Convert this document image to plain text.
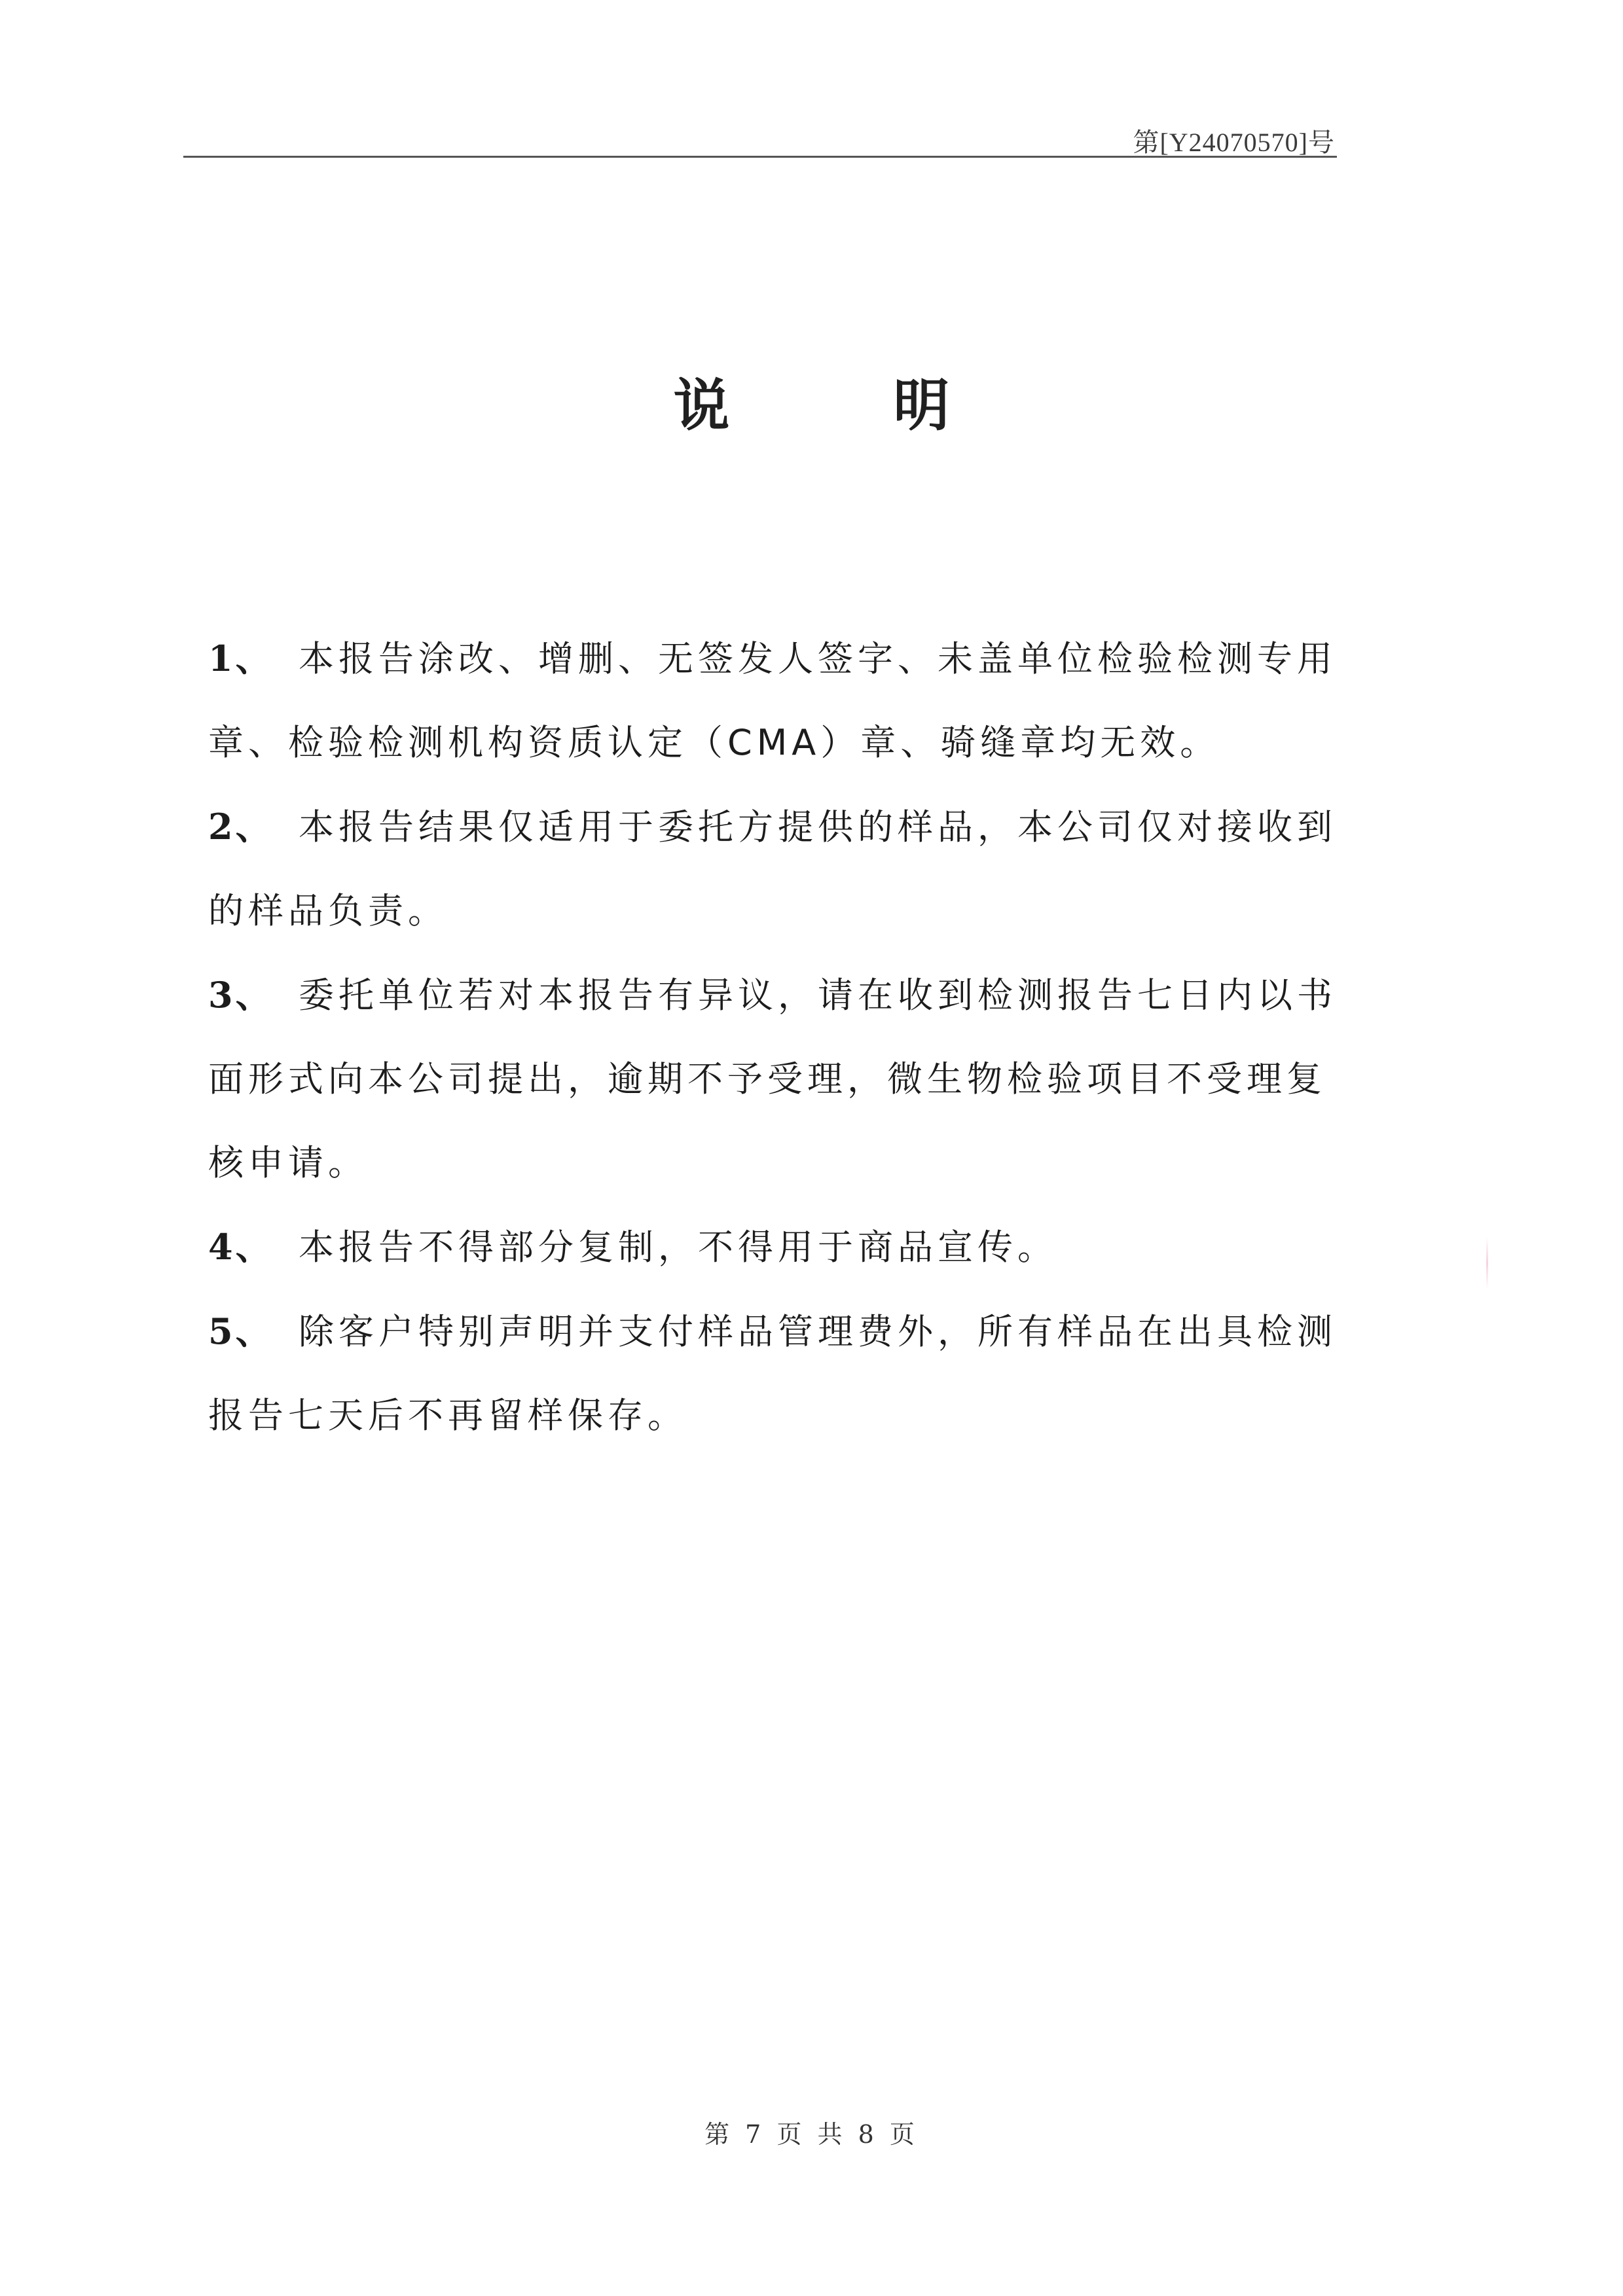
第[Y24070570]号
说明
1、 本报告涂改、增删、无签发人签字、未盖单位检验检测专用章、检验检测机构资质认定（CMA）章、骑缝章均无效。
2、 本报告结果仅适用于委托方提供的样品，本公司仅对接收到的样品负责。
3、 委托单位若对本报告有异议，请在收到检测报告七日内以书面形式向本公司提出，逾期不予受理，微生物检验项目不受理复核申请。
4、 本报告不得部分复制，不得用于商品宣传。
5、 除客户特别声明并支付样品管理费外，所有样品在出具检测报告七天后不再留样保存。
第 7 页 共 8 页
